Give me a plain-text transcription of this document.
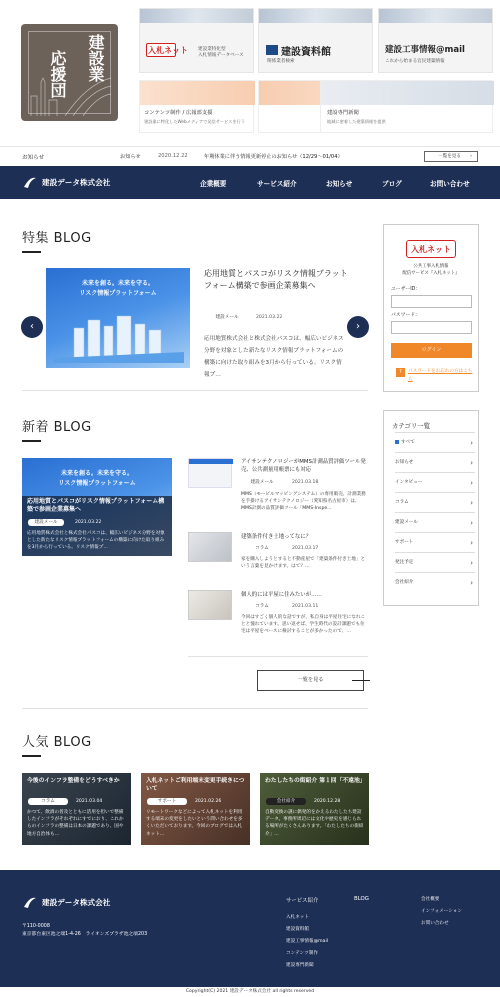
建設業
応援団	入札ネット 建設業特化型
入札情報データベース	建設資料館
関係業者検索
建設工事情報@mail
これから始まる官民建築情報
コンテンツ制作 / 広報部支援
建設業に特化したWebメディアで発信サービスを行う
建設専門新聞
地域に密着した建築情報を提供
お知らせ	お知らせ	2020.12.22	年期休業に伴う情報更新停止のお知らせ（12/29〜01/04）	一覧を見る ›
建設データ株式会社	企業概要	サービス紹介	お知らせ	ブログ	お問い合わせ
特集 BLOG
‹	›
未来を創る。未来を守る。
リスク情報プラットフォーム
応用地質とパスコがリスク情報プラットフォーム構築で参画企業募集へ
建設メール	2021.03.22
応用地質株式会社と株式会社パスコは、幅広いビジネス分野を対象とした新たなリスク情報プラットフォームの構築に向けた取り組みを3月から行っている。リスク情報プ…
新着 BLOG
未来を創る。未来を守る。
リスク情報プラットフォーム
応用地質とパスコがリスク情報プラットフォーム構築で参画企業募集へ
建設メール	2021.03.22
応用地質株式会社と株式会社パスコは、幅広いビジネス分野を対象とした新たなリスク情報プラットフォームの構築に向けた取り組みを3月から行っている。リスク情報プ…
アイサンテクノロジーがMMS計測品質評価ツール発売、公共測量用帳票にも対応
建設メール	2021.03.18
MMS（モービルマッピングシステム）の専用販売、計測業務を手掛けるアイサンテクノロジー（愛知県名古屋市）は、MMS計測の品質評価ツール「MMS-Inspe…
建築条件付き土地ってなに？
コラム	2021.03.17
家を購入しようとすると不動産屋で「建築条件付き土地」という言葉を見かけます。はて？…
個人的には平屋に住みたいが……
コラム	2021.03.11
今回はすごく個人的な話ですが、私自身は平屋住宅になれことと憧れています。思い返せば、学生時代の設計課題でも住宅は平屋をベースに検討することが多かったので、…
一覧を見る
人気 BLOG
今後のインフラ整備をどうすべきか
コラム	2021.03.04
かつて、飲酒の普及とともに活用を担いで整備したインフラがそれぞれにすでにおり、これからのインフラの整備は日本の課題であり、国や地方自治体も…
入札ネットご利用端末変更手続きについて
サポート	2021.02.26
リモートワークなどによって入札ネットを利用する端末の変更をしたいという問い合わせを多くいただいております。今回のブログでは入札ネット…
わたしたちの街紹介 第１回「不遠池」
会社紹介	2020.12.28
自動変換の謎に偶発的をかえるわたしたち建設データ。事務所周辺には文化や歴史を感じられる場所がたくさんあります。「わたしたちの街紹介」…
入札ネット
公共工事入札情報
配信サービス『入札ネット』
ユーザーID：
パスワード：
ログイン
?	パスワードをお忘れの方はこちら
カテゴリ一覧
すべて	›
お知らせ	›
インタビュー	›
コラム	›
建設メール	›
サポート	›
発注予定	›
会社紹介	›
建設データ株式会社
〒110-0008
東京都台東区池之端1-4-26　ライオンズプラザ池之端203
サービス紹介
入札ネット
建設資料館
建設工事情報@mail
コンテンツ制作
建設専門新聞
BLOG	会社概要
インフォメーション
お問い合わせ
Copyright(C) 2021 建設データ株式会社 all rights reserved
